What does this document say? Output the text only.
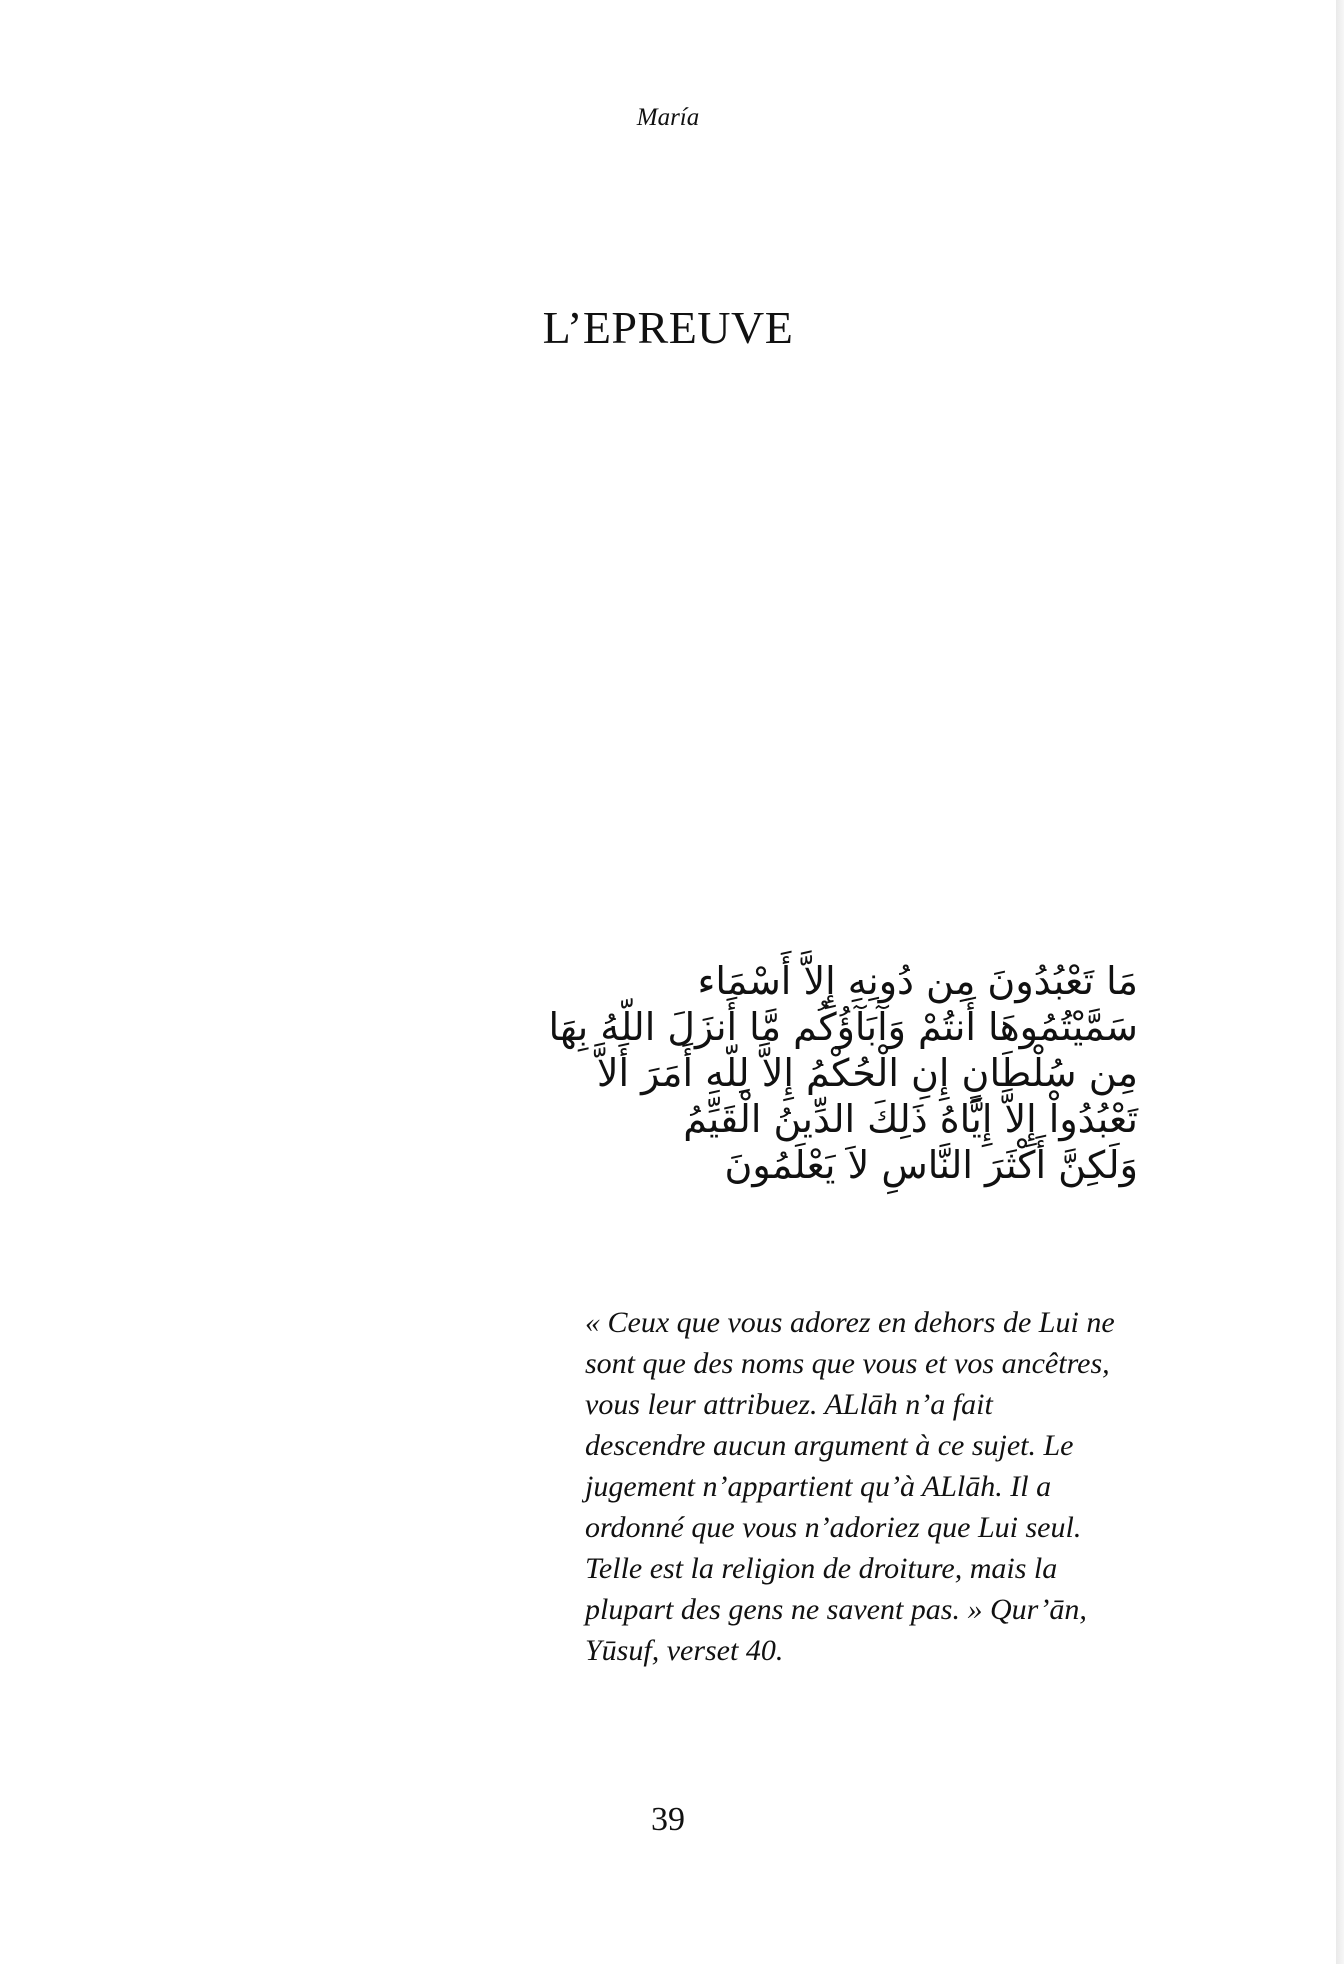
María
L’EPREUVE
مَا تَعْبُدُونَ مِن دُونِهِ إِلاَّ أَسْمَاء
سَمَّيْتُمُوهَا أَنتُمْ وَآبَآؤُكُم مَّا أَنزَلَ اللّهُ بِهَا
مِن سُلْطَانٍ إِنِ الْحُكْمُ إِلاَّ لِلّهِ أَمَرَ أَلاَّ
تَعْبُدُواْ إِلاَّ إِيَّاهُ ذَلِكَ الدِّينُ الْقَيِّمُ
وَلَكِنَّ أَكْثَرَ النَّاسِ لاَ يَعْلَمُونَ
« Ceux que vous adorez en dehors de Lui ne
sont que des noms que vous et vos ancêtres,
vous leur attribuez. ALlāh n’a fait
descendre aucun argument à ce sujet. Le
jugement n’appartient qu’à ALlāh. Il a
ordonné que vous n’adoriez que Lui seul.
Telle est la religion de droiture, mais la
plupart des gens ne savent pas. » Qur’ān,
Yūsuf, verset 40.
39
